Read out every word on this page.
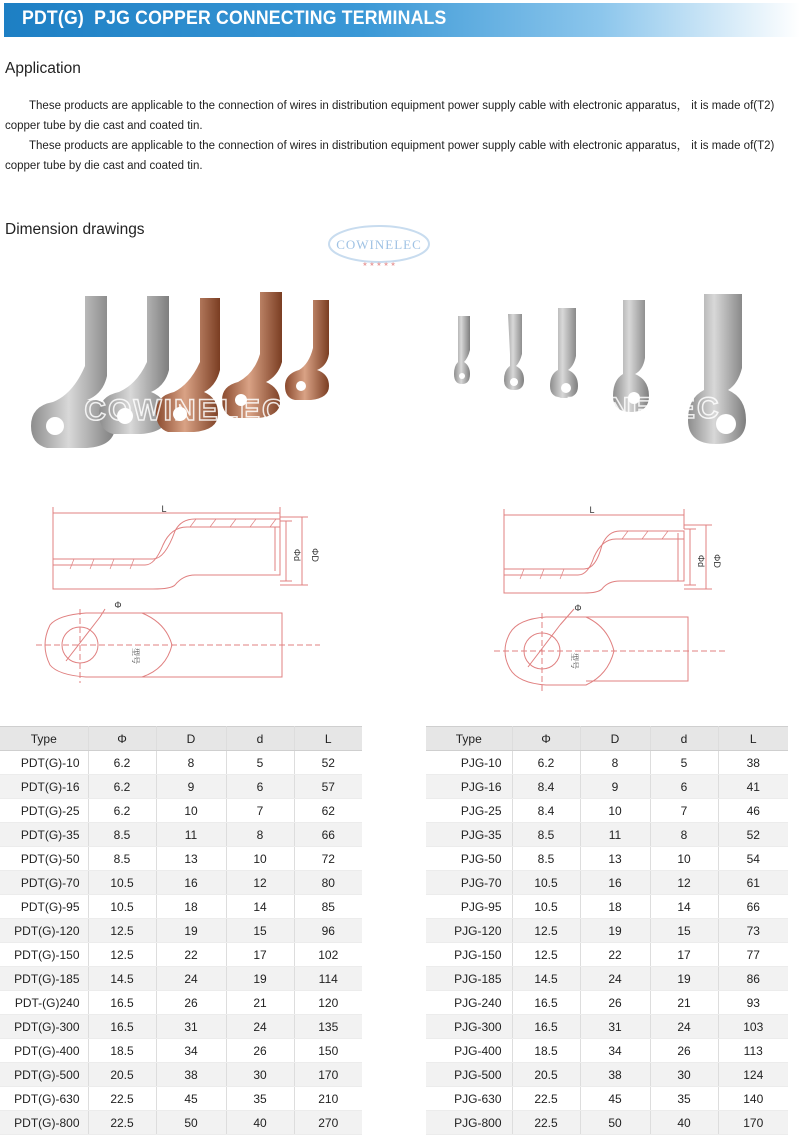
PDT(G)  PJG COPPER CONNECTING TERMINALS
Application
These products are applicable to the connection of wires in distribution equipment power supply cable with electronic apparatus， it is made of(T2) copper tube by die cast and coated tin.
These products are applicable to the connection of wires in distribution equipment power supply cable with electronic apparatus， it is made of(T2) copper tube by die cast and coated tin.
Dimension drawings
COWINELEC
★ ★ ★ ★ ★
COWINELEC	COWINELEC
L
Φd ΦD
Φ
型号
L
Φd ΦD
Φ
型号
Type	Φ	D	d	L
PDT(G)-10	6.2	8	5	52
PDT(G)-16	6.2	9	6	57
PDT(G)-25	6.2	10	7	62
PDT(G)-35	8.5	11	8	66
PDT(G)-50	8.5	13	10	72
PDT(G)-70	10.5	16	12	80
PDT(G)-95	10.5	18	14	85
PDT(G)-120	12.5	19	15	96
PDT(G)-150	12.5	22	17	102
PDT(G)-185	14.5	24	19	114
PDT-(G)240	16.5	26	21	120
PDT(G)-300	16.5	31	24	135
PDT(G)-400	18.5	34	26	150
PDT(G)-500	20.5	38	30	170
PDT(G)-630	22.5	45	35	210
PDT(G)-800	22.5	50	40	270
Type	Φ	D	d	L
PJG-10	6.2	8	5	38
PJG-16	8.4	9	6	41
PJG-25	8.4	10	7	46
PJG-35	8.5	11	8	52
PJG-50	8.5	13	10	54
PJG-70	10.5	16	12	61
PJG-95	10.5	18	14	66
PJG-120	12.5	19	15	73
PJG-150	12.5	22	17	77
PJG-185	14.5	24	19	86
PJG-240	16.5	26	21	93
PJG-300	16.5	31	24	103
PJG-400	18.5	34	26	113
PJG-500	20.5	38	30	124
PJG-630	22.5	45	35	140
PJG-800	22.5	50	40	170
